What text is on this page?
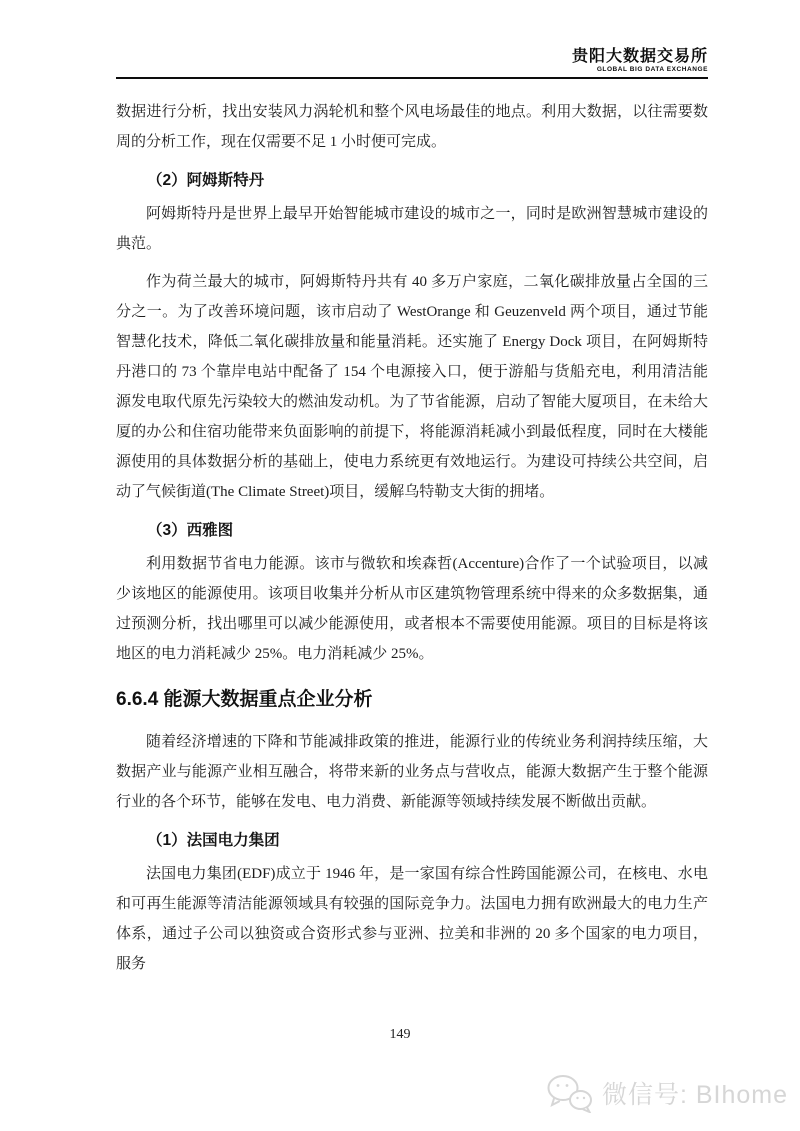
贵阳大数据交易所
GLOBAL BIG DATA EXCHANGE

数据进行分析，找出安装风力涡轮机和整个风电场最佳的地点。利用大数据，以往需要数周的分析工作，现在仅需要不足 1 小时便可完成。

（2）阿姆斯特丹

阿姆斯特丹是世界上最早开始智能城市建设的城市之一，同时是欧洲智慧城市建设的典范。

作为荷兰最大的城市，阿姆斯特丹共有 40 多万户家庭，二氧化碳排放量占全国的三分之一。为了改善环境问题，该市启动了 WestOrange 和 Geuzenveld 两个项目，通过节能智慧化技术，降低二氧化碳排放量和能量消耗。还实施了 Energy Dock 项目，在阿姆斯特丹港口的 73 个靠岸电站中配备了 154 个电源接入口，便于游船与货船充电，利用清洁能源发电取代原先污染较大的燃油发动机。为了节省能源，启动了智能大厦项目，在未给大厦的办公和住宿功能带来负面影响的前提下，将能源消耗减小到最低程度，同时在大楼能源使用的具体数据分析的基础上，使电力系统更有效地运行。为建设可持续公共空间，启动了气候街道(The Climate Street)项目，缓解乌特勒支大街的拥堵。

（3）西雅图

利用数据节省电力能源。该市与微软和埃森哲(Accenture)合作了一个试验项目，以减少该地区的能源使用。该项目收集并分析从市区建筑物管理系统中得来的众多数据集，通过预测分析，找出哪里可以减少能源使用，或者根本不需要使用能源。项目的目标是将该地区的电力消耗减少 25%。电力消耗减少 25%。

6.6.4 能源大数据重点企业分析

随着经济增速的下降和节能减排政策的推进，能源行业的传统业务利润持续压缩，大数据产业与能源产业相互融合，将带来新的业务点与营收点，能源大数据产生于整个能源行业的各个环节，能够在发电、电力消费、新能源等领域持续发展不断做出贡献。

（1）法国电力集团

法国电力集团(EDF)成立于 1946 年，是一家国有综合性跨国能源公司，在核电、水电和可再生能源等清洁能源领域具有较强的国际竞争力。法国电力拥有欧洲最大的电力生产体系，通过子公司以独资或合资形式参与亚洲、拉美和非洲的 20 多个国家的电力项目，服务

149
微信号: BIhome
